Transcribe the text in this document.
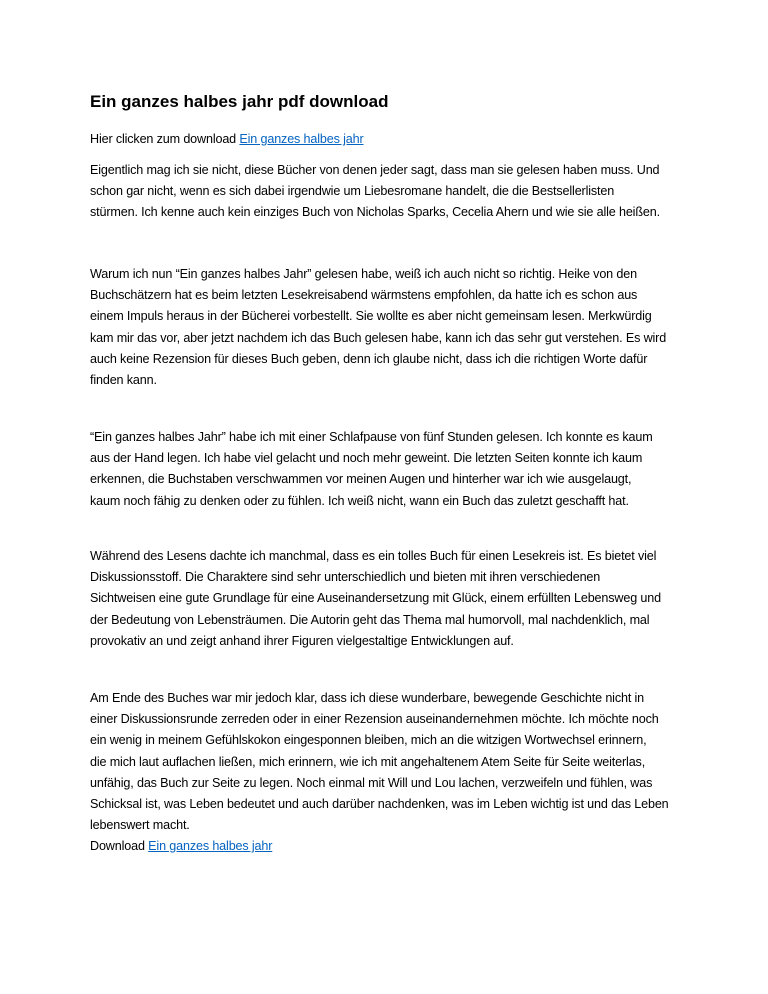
Ein ganzes halbes jahr pdf download

Hier clicken zum download Ein ganzes halbes jahr

Eigentlich mag ich sie nicht, diese Bücher von denen jeder sagt, dass man sie gelesen haben muss. Und
schon gar nicht, wenn es sich dabei irgendwie um Liebesromane handelt, die die Bestsellerlisten
stürmen. Ich kenne auch kein einziges Buch von Nicholas Sparks, Cecelia Ahern und wie sie alle heißen.

Warum ich nun “Ein ganzes halbes Jahr” gelesen habe, weiß ich auch nicht so richtig. Heike von den
Buchschätzern hat es beim letzten Lesekreisabend wärmstens empfohlen, da hatte ich es schon aus
einem Impuls heraus in der Bücherei vorbestellt. Sie wollte es aber nicht gemeinsam lesen. Merkwürdig
kam mir das vor, aber jetzt nachdem ich das Buch gelesen habe, kann ich das sehr gut verstehen. Es wird
auch keine Rezension für dieses Buch geben, denn ich glaube nicht, dass ich die richtigen Worte dafür
finden kann.

“Ein ganzes halbes Jahr” habe ich mit einer Schlafpause von fünf Stunden gelesen. Ich konnte es kaum
aus der Hand legen. Ich habe viel gelacht und noch mehr geweint. Die letzten Seiten konnte ich kaum
erkennen, die Buchstaben verschwammen vor meinen Augen und hinterher war ich wie ausgelaugt,
kaum noch fähig zu denken oder zu fühlen. Ich weiß nicht, wann ein Buch das zuletzt geschafft hat.

Während des Lesens dachte ich manchmal, dass es ein tolles Buch für einen Lesekreis ist. Es bietet viel
Diskussionsstoff. Die Charaktere sind sehr unterschiedlich und bieten mit ihren verschiedenen
Sichtweisen eine gute Grundlage für eine Auseinandersetzung mit Glück, einem erfüllten Lebensweg und
der Bedeutung von Lebensträumen. Die Autorin geht das Thema mal humorvoll, mal nachdenklich, mal
provokativ an und zeigt anhand ihrer Figuren vielgestaltige Entwicklungen auf.

Am Ende des Buches war mir jedoch klar, dass ich diese wunderbare, bewegende Geschichte nicht in
einer Diskussionsrunde zerreden oder in einer Rezension auseinandernehmen möchte. Ich möchte noch
ein wenig in meinem Gefühlskokon eingesponnen bleiben, mich an die witzigen Wortwechsel erinnern,
die mich laut auflachen ließen, mich erinnern, wie ich mit angehaltenem Atem Seite für Seite weiterlas,
unfähig, das Buch zur Seite zu legen. Noch einmal mit Will und Lou lachen, verzweifeln und fühlen, was
Schicksal ist, was Leben bedeutet und auch darüber nachdenken, was im Leben wichtig ist und das Leben
lebenswert macht.

Download Ein ganzes halbes jahr
